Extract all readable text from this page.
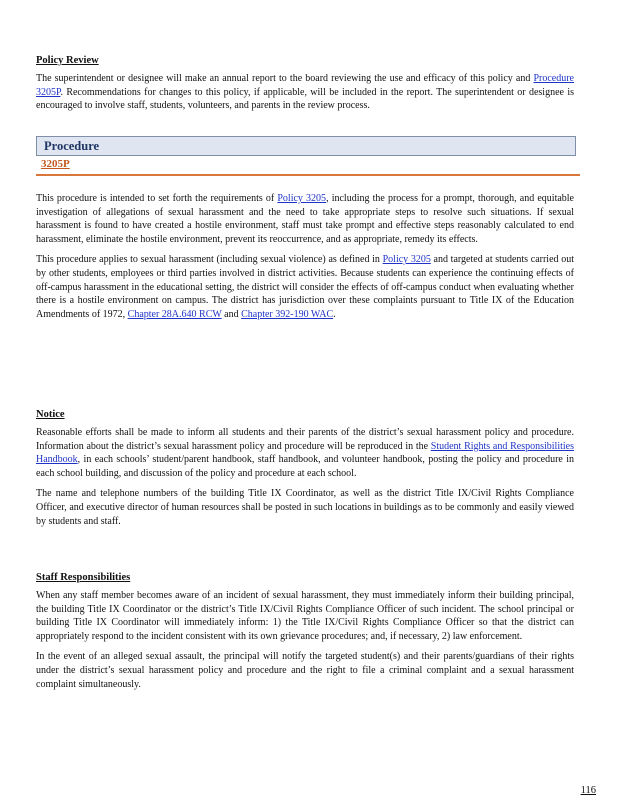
Policy Review

The superintendent or designee will make an annual report to the board reviewing the use and efficacy of this policy and Procedure 3205P. Recommendations for changes to this policy, if applicable, will be included in the report. The superintendent or designee is encouraged to involve staff, students, volunteers, and parents in the review process.

Procedure
3205P

This procedure is intended to set forth the requirements of Policy 3205, including the process for a prompt, thorough, and equitable investigation of allegations of sexual harassment and the need to take appropriate steps to resolve such situations. If sexual harassment is found to have created a hostile environment, staff must take prompt and effective steps reasonably calculated to end harassment, eliminate the hostile environment, prevent its reoccurrence, and as appropriate, remedy its effects.

This procedure applies to sexual harassment (including sexual violence) as defined in Policy 3205 and targeted at students carried out by other students, employees or third parties involved in district activities. Because students can experience the continuing effects of off-campus harassment in the educational setting, the district will consider the effects of off-campus conduct when evaluating whether there is a hostile environment on campus. The district has jurisdiction over these complaints pursuant to Title IX of the Education Amendments of 1972, Chapter 28A.640 RCW and Chapter 392-190 WAC.

Notice

Reasonable efforts shall be made to inform all students and their parents of the district’s sexual harassment policy and procedure. Information about the district’s sexual harassment policy and procedure will be reproduced in the Student Rights and Responsibilities Handbook, in each schools’ student/parent handbook, staff handbook, and volunteer handbook, posting the policy and procedure in each school building, and discussion of the policy and procedure at each school.

The name and telephone numbers of the building Title IX Coordinator, as well as the district Title IX/Civil Rights Compliance Officer, and executive director of human resources shall be posted in such locations in buildings as to be commonly and easily viewed by students and staff.

Staff Responsibilities

When any staff member becomes aware of an incident of sexual harassment, they must immediately inform their building principal, the building Title IX Coordinator or the district’s Title IX/Civil Rights Compliance Officer of such incident. The school principal or building Title IX Coordinator will immediately inform: 1) the Title IX/Civil Rights Compliance Officer so that the district can appropriately respond to the incident consistent with its own grievance procedures; and, if necessary, 2) law enforcement.

In the event of an alleged sexual assault, the principal will notify the targeted student(s) and their parents/guardians of their rights under the district’s sexual harassment policy and procedure and the right to file a criminal complaint and a sexual harassment complaint simultaneously.

116
